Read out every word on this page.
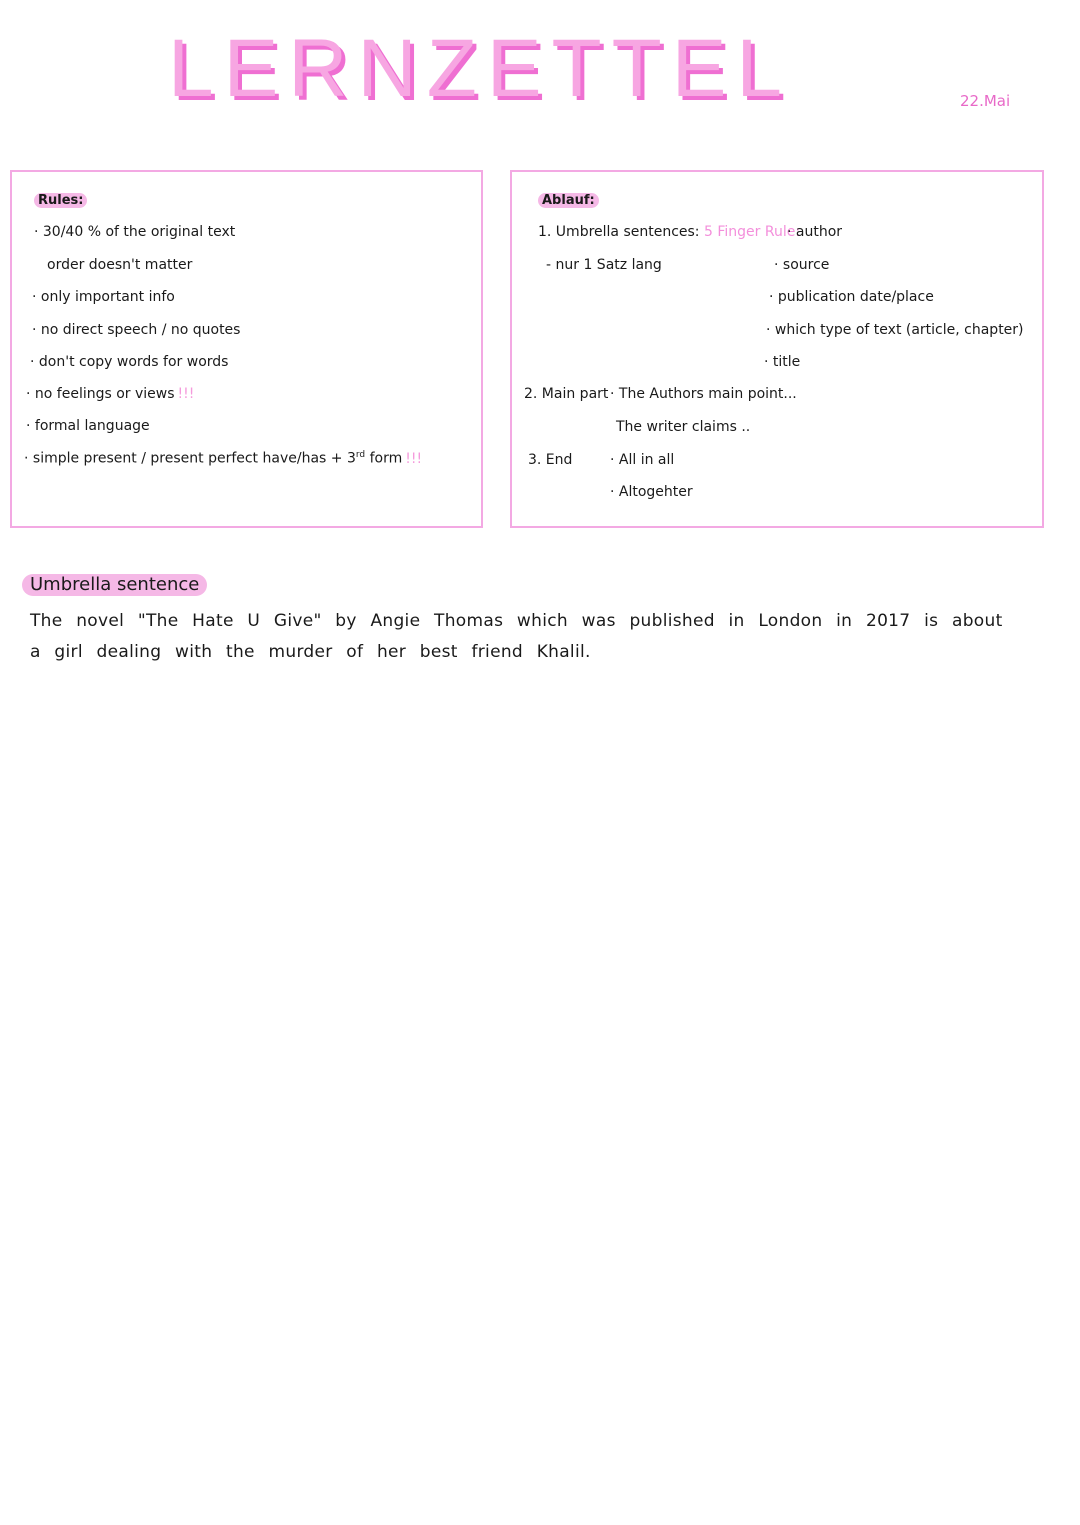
LERNZETTEL	22.Mai
Rules:
· 30/40 % of the original text
order doesn't matter
· only important info
· no direct speech / no quotes
· don't copy words for words
· no feelings or views !!!
· formal language
· simple present / present perfect have/has + 3rd form !!!
Ablauf:
1. Umbrella sentences: 5 Finger Rule:
· author
- nur 1 Satz lang	· source
· publication date/place
· which type of text (article, chapter)
· title
2. Main part · The Authors main point...
The writer claims ..
3. End	· All in all
· Altogehter
Umbrella sentence
The novel "The Hate U Give" by Angie Thomas which was published in London in 2017 is about a girl dealing with the murder of her best friend Khalil.
